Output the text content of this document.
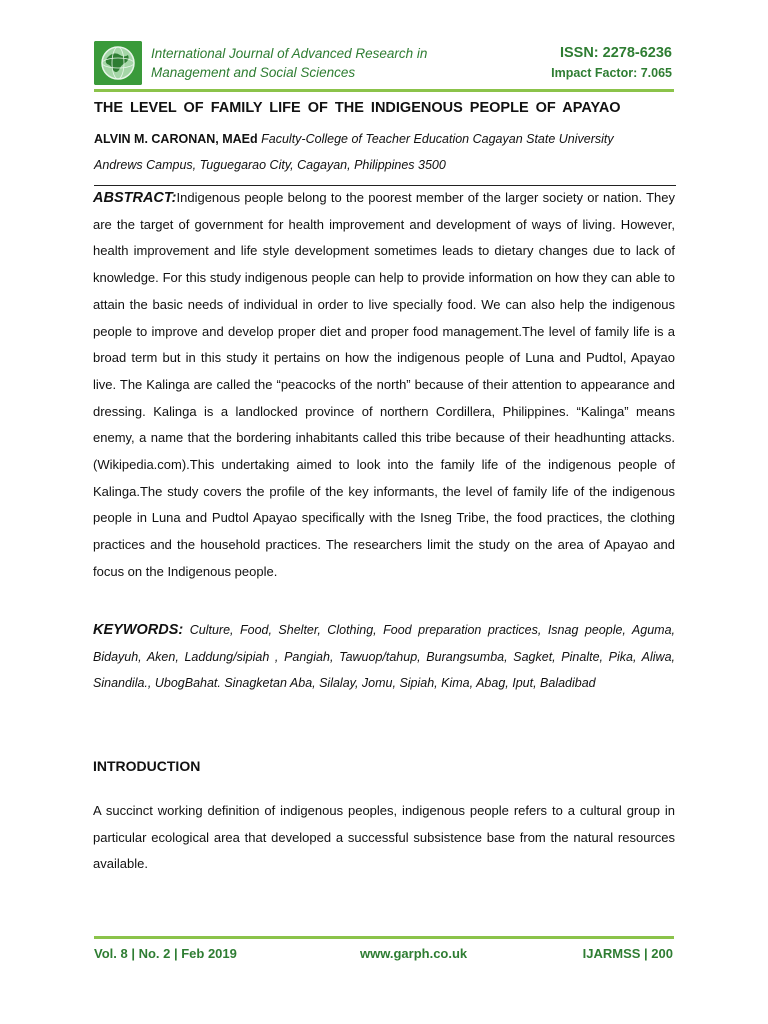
International Journal of Advanced Research in
Management and Social Sciences
ISSN: 2278-6236
Impact Factor: 7.065
THE LEVEL OF FAMILY LIFE OF THE INDIGENOUS PEOPLE OF APAYAO
ALVIN M. CARONAN, MAEd Faculty-College of Teacher Education Cagayan State University
Andrews Campus, Tuguegarao City, Cagayan, Philippines 3500
ABSTRACT:Indigenous people belong to the poorest member of the larger society or nation. They are the target of government for health improvement and development of ways of living. However, health improvement and life style development sometimes leads to dietary changes due to lack of knowledge. For this study indigenous people can help to provide information on how they can able to attain the basic needs of individual in order to live specially food. We can also help the indigenous people to improve and develop proper diet and proper food management.The level of family life is a broad term but in this study it pertains on how the indigenous people of Luna and Pudtol, Apayao live. The Kalinga are called the “peacocks of the north” because of their attention to appearance and dressing. Kalinga is a landlocked province of northern Cordillera, Philippines. “Kalinga” means enemy, a name that the bordering inhabitants called this tribe because of their headhunting attacks.(Wikipedia.com).This undertaking aimed to look into the family life of the indigenous people of Kalinga.The study covers the profile of the key informants, the level of family life of the indigenous people in Luna and Pudtol Apayao specifically with the Isneg Tribe, the food practices, the clothing practices and the household practices. The researchers limit the study on the area of Apayao and focus on the Indigenous people.
KEYWORDS: Culture, Food, Shelter, Clothing, Food preparation practices, Isnag people, Aguma, Bidayuh, Aken, Laddung/sipiah , Pangiah, Tawuop/tahup, Burangsumba, Sagket, Pinalte, Pika, Aliwa, Sinandila., UbogBahat. Sinagketan Aba, Silalay, Jomu, Sipiah, Kima, Abag, Iput, Baladibad
INTRODUCTION
A succinct working definition of indigenous peoples, indigenous people refers to a cultural group in particular ecological area that developed a successful subsistence base from the natural resources available.
Vol. 8 | No. 2 | Feb 2019	www.garph.co.uk	IJARMSS | 200
